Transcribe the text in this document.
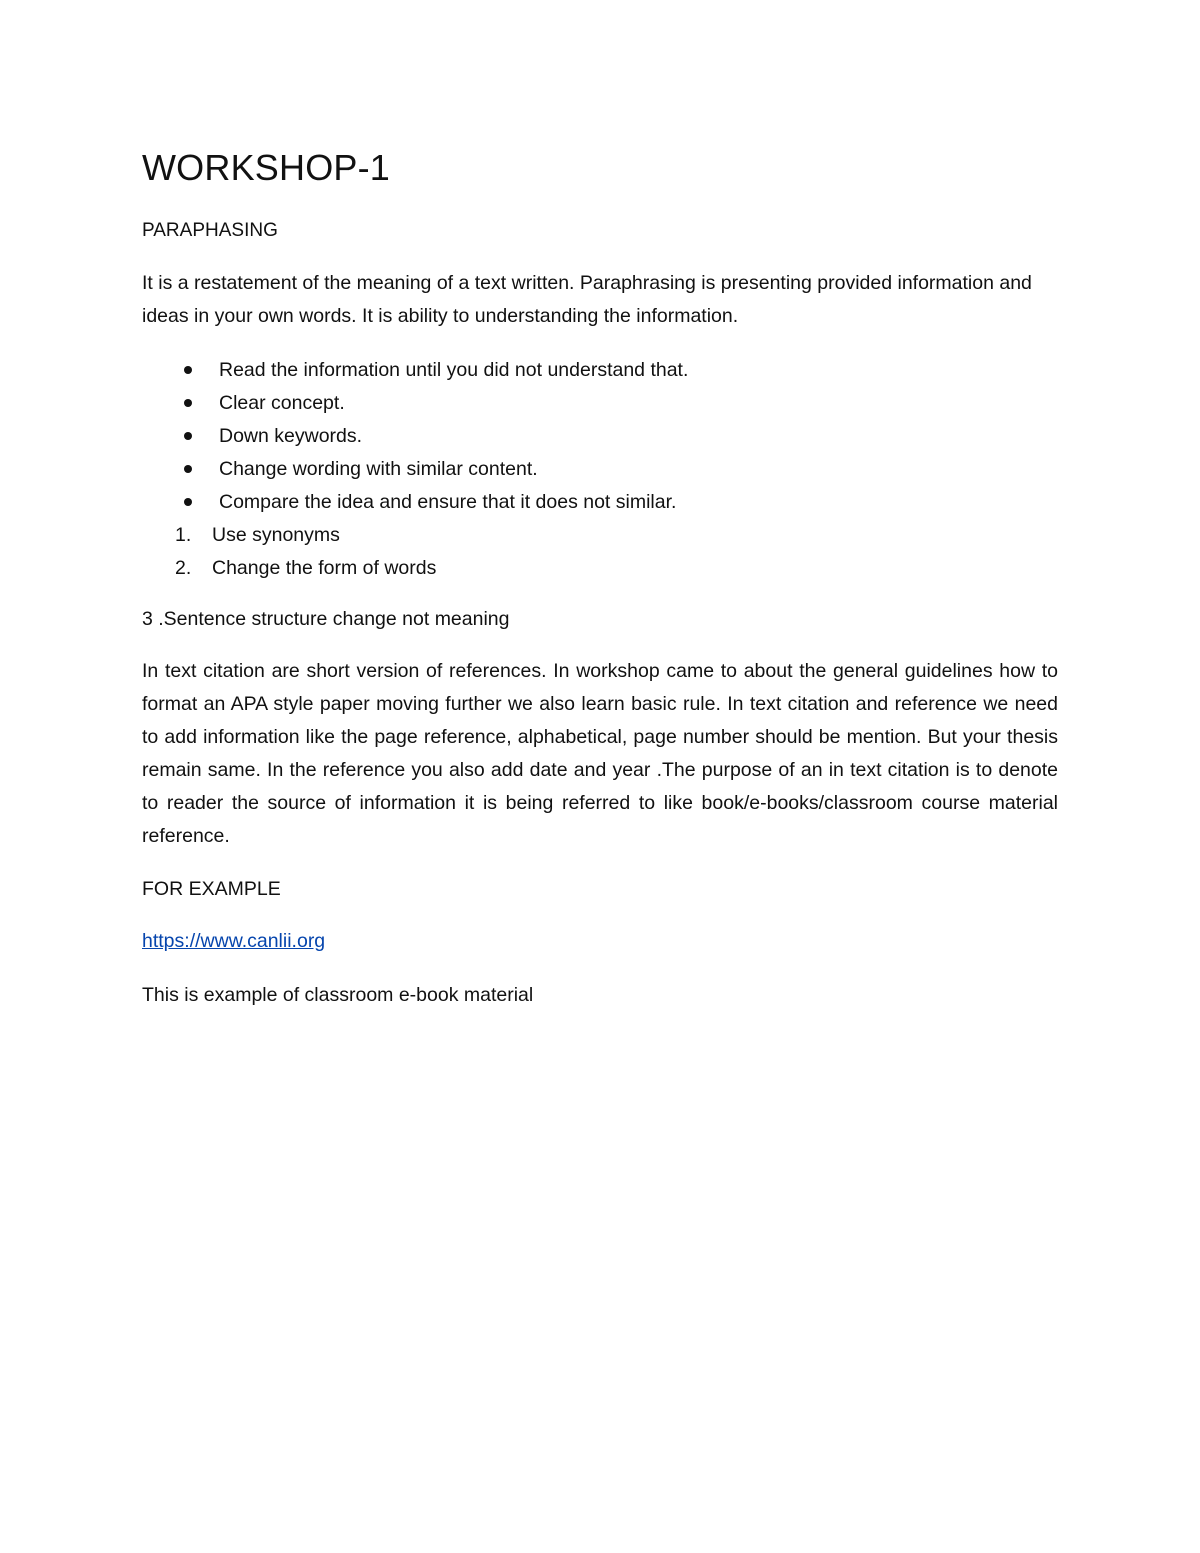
WORKSHOP-1
PARAPHASING
It is a restatement of the meaning of a text written. Paraphrasing is presenting provided information and ideas in your own words. It is ability to understanding the information.
Read the information until you did not understand that.
Clear concept.
Down keywords.
Change wording with similar content.
Compare the idea and ensure that it does not similar.
1. Use synonyms
2. Change the form of words
3 .Sentence structure change not meaning
In text citation are short version of references. In workshop came to about the general guidelines how to format an APA style paper moving further we also learn basic rule. In text citation and reference we need to add information like the page reference, alphabetical, page number should be mention. But your thesis remain same. In the reference you also add date and year .The purpose of an in text citation is to denote to reader the source of information it is being referred to like book/e-books/classroom course material reference.
FOR EXAMPLE
https://www.canlii.org
This is example of classroom e-book material
